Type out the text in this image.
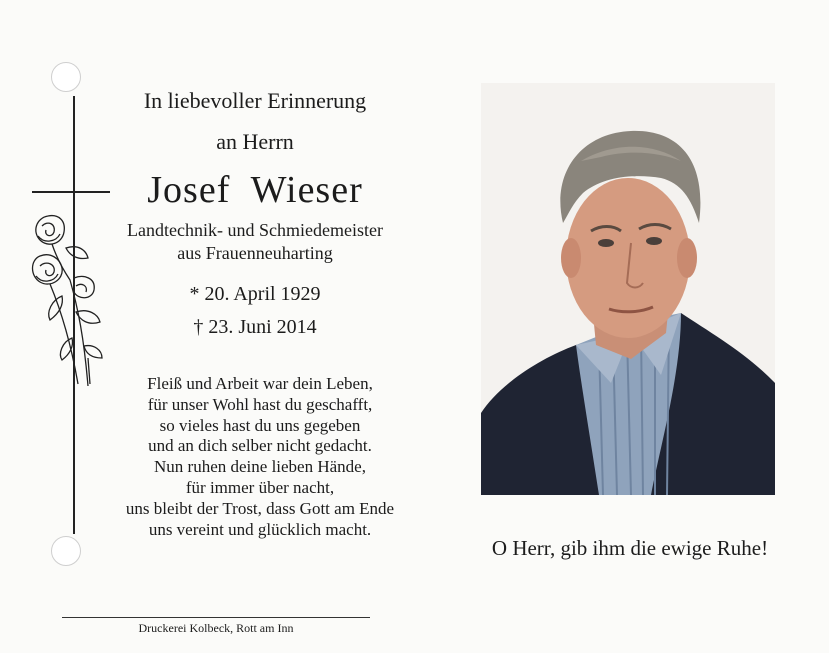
In liebevoller Erinnerung
an Herrn
Josef  Wieser
Landtechnik- und Schmiedemeister
aus Frauenneuharting
* 20. April 1929
† 23. Juni 2014
Fleiß und Arbeit war dein Leben,
für unser Wohl hast du geschafft,
so vieles hast du uns gegeben
und an dich selber nicht gedacht.
Nun ruhen deine lieben Hände,
für immer über nacht,
uns bleibt der Trost, dass Gott am Ende
uns vereint und glücklich macht.
Druckerei Kolbeck, Rott am Inn
O Herr, gib ihm die ewige Ruhe!
